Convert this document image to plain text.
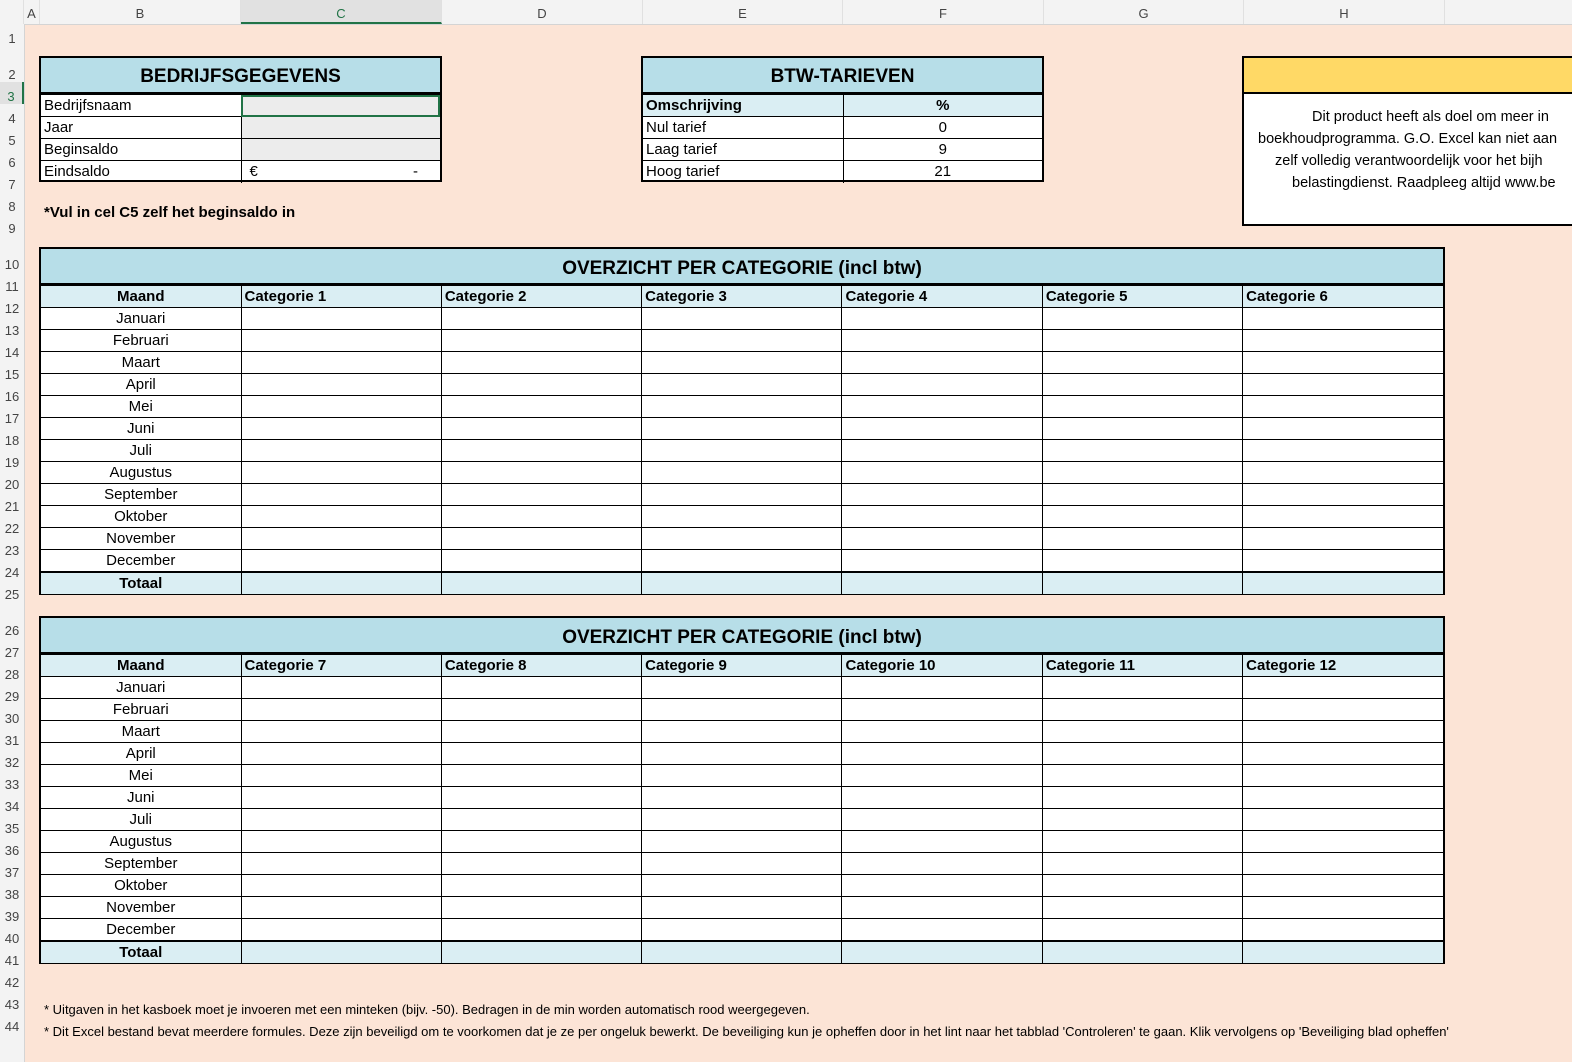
A	B	C	D	E	F	G	H
1
2
3
4
5
6
7
8
9
10
11
12
13
14
15
16
17
18
19
20
21
22
23
24
25
26
27
28
29
30
31
32
33
34
35
36
37
38
39
40
41
42
43
44
BEDRIJFSGEGEVENS
Bedrijfsnaam	
Jaar	
Beginsaldo	
Eindsaldo	€ -
BTW-TARIEVEN
Omschrijving	%
Nul tarief	0
Laag tarief	9
Hoog tarief	21
Dit product heeft als doel om meer in
boekhoudprogramma. G.O. Excel kan niet aan
zelf volledig verantwoordelijk voor het bijh
belastingdienst. Raadpleeg altijd www.be
*Vul in cel C5 zelf het beginsaldo in
OVERZICHT PER CATEGORIE (incl btw)
Maand	Categorie 1	Categorie 2	Categorie 3	Categorie 4	Categorie 5	Categorie 6
Januari						
Februari						
Maart						
April						
Mei						
Juni						
Juli						
Augustus						
September						
Oktober						
November						
December						
Totaal						
OVERZICHT PER CATEGORIE (incl btw)
Maand	Categorie 7	Categorie 8	Categorie 9	Categorie 10	Categorie 11	Categorie 12
Januari						
Februari						
Maart						
April						
Mei						
Juni						
Juli						
Augustus						
September						
Oktober						
November						
December						
Totaal						
* Uitgaven in het kasboek moet je invoeren met een minteken (bijv. -50). Bedragen in de min worden automatisch rood weergegeven.
* Dit Excel bestand bevat meerdere formules. Deze zijn beveiligd om te voorkomen dat je ze per ongeluk bewerkt. De beveiliging kun je opheffen door in het lint naar het tabblad 'Controleren' te gaan. Klik vervolgens op 'Beveiliging blad opheffen'
